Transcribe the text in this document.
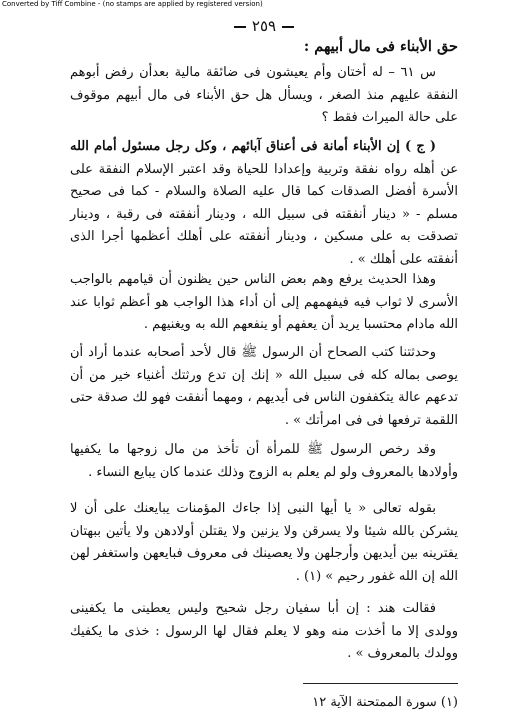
Converted by Tiff Combine - (no stamps are applied by registered version)
٢٥٩
حق الأبناء فى مال أبيهم :

س ٦١ – له أختان وأم يعيشون فى ضائقة مالية بعدأن رفض أبوهم النفقة عليهم منذ الصغر ، ويسأل هل حق الأبناء فى مال أبيهم موقوف على حالة الميراث فقط ؟

( ج ) إن الأبناء أمانة فى أعناق آبائهم ، وكل رجل مسئول أمام الله عن أهله رواه نفقة وتربية وإعدادا للحياة وقد اعتبر الإسلام النفقة على الأسرة أفضل الصدقات كما قال عليه الصلاة والسلام - كما فى صحيح مسلم - « دينار أنفقته فى سبيل الله ، ودينار أنفقته فى رقبة ، ودينار تصدقت به على مسكين ، ودينار أنفقته على أهلك أعظمها أجرا الذى أنفقته على أهلك » .

وهذا الحديث يرفع وهم بعض الناس حين يظنون أن قيامهم بالواجب الأسرى لا ثواب فيه فيفهمهم إلى أن أداء هذا الواجب هو أعظم ثوابا عند الله مادام محتسبا يريد أن يعفهم أو ينفعهم الله به ويغنيهم .

وحدثتنا كتب الصحاح أن الرسول ﷺ قال لأحد أصحابه عندما أراد أن يوصى بماله كله فى سبيل الله « إنك إن تدع ورثتك أغنياء خير من أن تدعهم عالة يتكففون الناس فى أيديهم ، ومهما أنفقت فهو لك صدقة حتى اللقمة ترفعها فى فى امرأتك » .

وقد رخص الرسول ﷺ للمرأة أن تأخذ من مال زوجها ما يكفيها وأولادها بالمعروف ولو لم يعلم به الزوج وذلك عندما كان يبايع النساء .

بقوله تعالى « يا أيها النبى إذا جاءك المؤمنات يبايعنك على أن لا يشركن بالله شيئا ولا يسرقن ولا يزنين ولا يقتلن أولادهن ولا يأتين ببهتان يفترينه بين أيديهن وأرجلهن ولا يعصينك فى معروف فبايعهن واستغفر لهن الله إن الله غفور رحيم » (١) .

فقالت هند : إن أبا سفيان رجل شحيح وليس يعطينى ما يكفينى وولدى إلا ما أخذت منه وهو لا يعلم فقال لها الرسول : خذى ما يكفيك وولدك بالمعروف » .

(١) سورة الممتحنة الآية ١٢
